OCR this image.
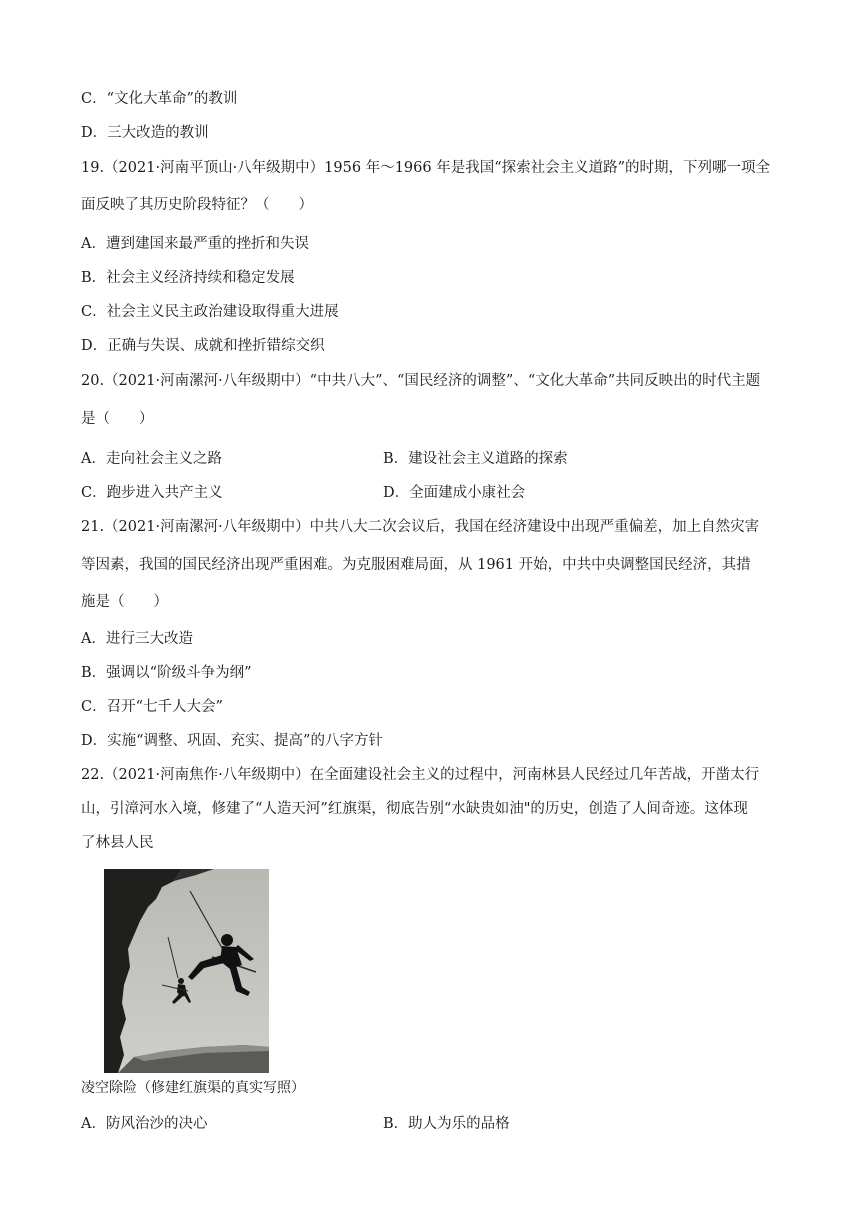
C．“文化大革命”的教训
D．三大改造的教训
19.（2021·河南平顶山·八年级期中）1956 年～1966 年是我国“探索社会主义道路”的时期，下列哪一项全
面反映了其历史阶段特征？（　　）
A．遭到建国来最严重的挫折和失误
B．社会主义经济持续和稳定发展
C．社会主义民主政治建设取得重大进展
D．正确与失误、成就和挫折错综交织
20.（2021·河南漯河·八年级期中）“中共八大”、“国民经济的调整”、“文化大革命”共同反映出的时代主题
是（　　）
A．走向社会主义之路	B．建设社会主义道路的探索
C．跑步进入共产主义	D．全面建成小康社会
21.（2021·河南漯河·八年级期中）中共八大二次会议后，我国在经济建设中出现严重偏差，加上自然灾害
等因素，我国的国民经济出现严重困难。为克服困难局面，从 1961 开始，中共中央调整国民经济，其措
施是（　　）
A．进行三大改造
B．强调以“阶级斗争为纲”
C．召开“七千人大会”
D．实施“调整、巩固、充实、提高”的八字方针
22.（2021·河南焦作·八年级期中）在全面建设社会主义的过程中，河南林县人民经过几年苦战，开凿太行
山，引漳河水入境，修建了“人造天河”红旗渠，彻底告别“水缺贵如油"的历史，创造了人间奇迹。这体现
了林县人民
凌空除险（修建红旗渠的真实写照）
A．防风治沙的决心	B．助人为乐的品格
